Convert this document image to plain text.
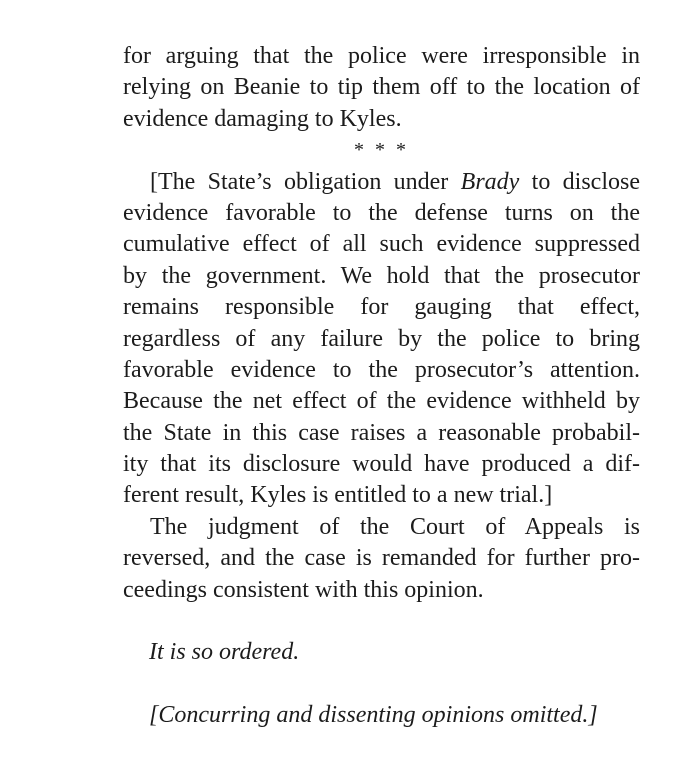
for arguing that the police were irresponsible in
relying on Beanie to tip them off to the location of
evidence damaging to Kyles.
* * *
[The State’s obligation under Brady to disclose
evidence favorable to the defense turns on the
cumulative effect of all such evidence suppressed
by the government. We hold that the prosecutor
remains responsible for gauging that effect,
regardless of any failure by the police to bring
favorable evidence to the prosecutor’s attention.
Because the net effect of the evidence withheld by
the State in this case raises a reasonable probabil-
ity that its disclosure would have produced a dif-
ferent result, Kyles is entitled to a new trial.]
The judgment of the Court of Appeals is
reversed, and the case is remanded for further pro-
ceedings consistent with this opinion.
It is so ordered.
[Concurring and dissenting opinions omitted.]
